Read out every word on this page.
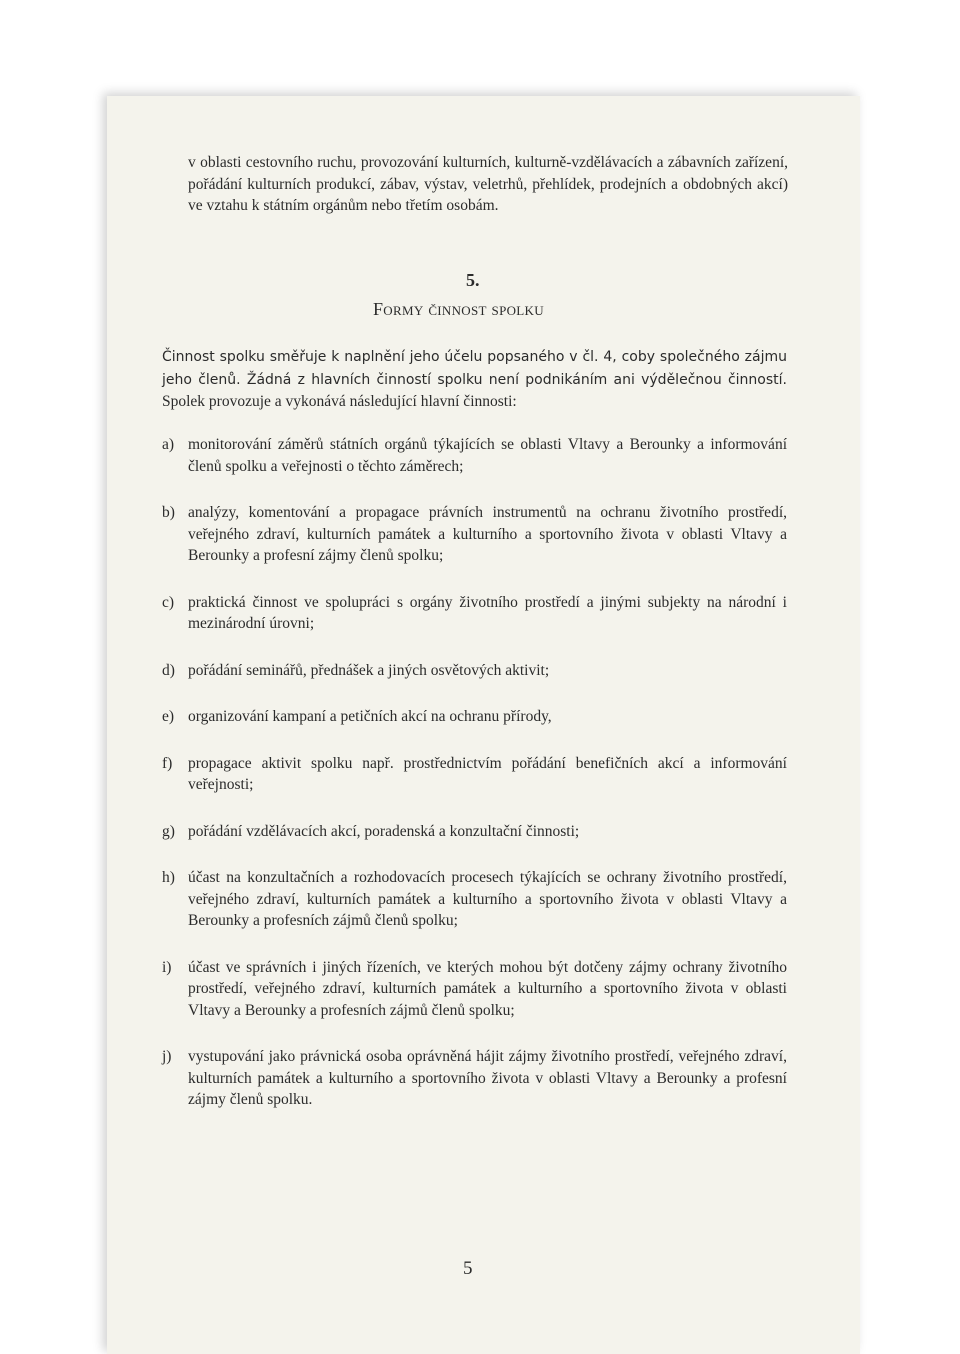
v oblasti cestovního ruchu, provozování kulturních, kulturně-vzdělávacích a zábavních zařízení, pořádání kulturních produkcí, zábav, výstav, veletrhů, přehlídek, prodejních a obdobných akcí) ve vztahu k státním orgánům nebo třetím osobám.
5.
Formy činnost spolku
Činnost spolku směřuje k naplnění jeho účelu popsaného v čl. 4, coby společného zájmu jeho členů. Žádná z hlavních činností spolku není podnikáním ani výdělečnou činností. Spolek provozuje a vykonává následující hlavní činnosti:
a) monitorování záměrů státních orgánů týkajících se oblasti Vltavy a Berounky a informování členů spolku a veřejnosti o těchto záměrech;
b) analýzy, komentování a propagace právních instrumentů na ochranu životního prostředí, veřejného zdraví, kulturních památek a kulturního a sportovního života v oblasti Vltavy a Berounky a profesní zájmy členů spolku;
c) praktická činnost ve spolupráci s orgány životního prostředí a jinými subjekty na národní i mezinárodní úrovni;
d) pořádání seminářů, přednášek a jiných osvětových aktivit;
e) organizování kampaní a petičních akcí na ochranu přírody,
f) propagace aktivit spolku např. prostřednictvím pořádání benefičních akcí a informování veřejnosti;
g) pořádání vzdělávacích akcí, poradenská a konzultační činnosti;
h) účast na konzultačních a rozhodovacích procesech týkajících se ochrany životního prostředí, veřejného zdraví, kulturních památek a kulturního a sportovního života v oblasti Vltavy a Berounky a profesních zájmů členů spolku;
i) účast ve správních i jiných řízeních, ve kterých mohou být dotčeny zájmy ochrany životního prostředí, veřejného zdraví, kulturních památek a kulturního a sportovního života v oblasti Vltavy a Berounky a profesních zájmů členů spolku;
j) vystupování jako právnická osoba oprávněná hájit zájmy životního prostředí, veřejného zdraví, kulturních památek a kulturního a sportovního života v oblasti Vltavy a Berounky a profesní zájmy členů spolku.
5
